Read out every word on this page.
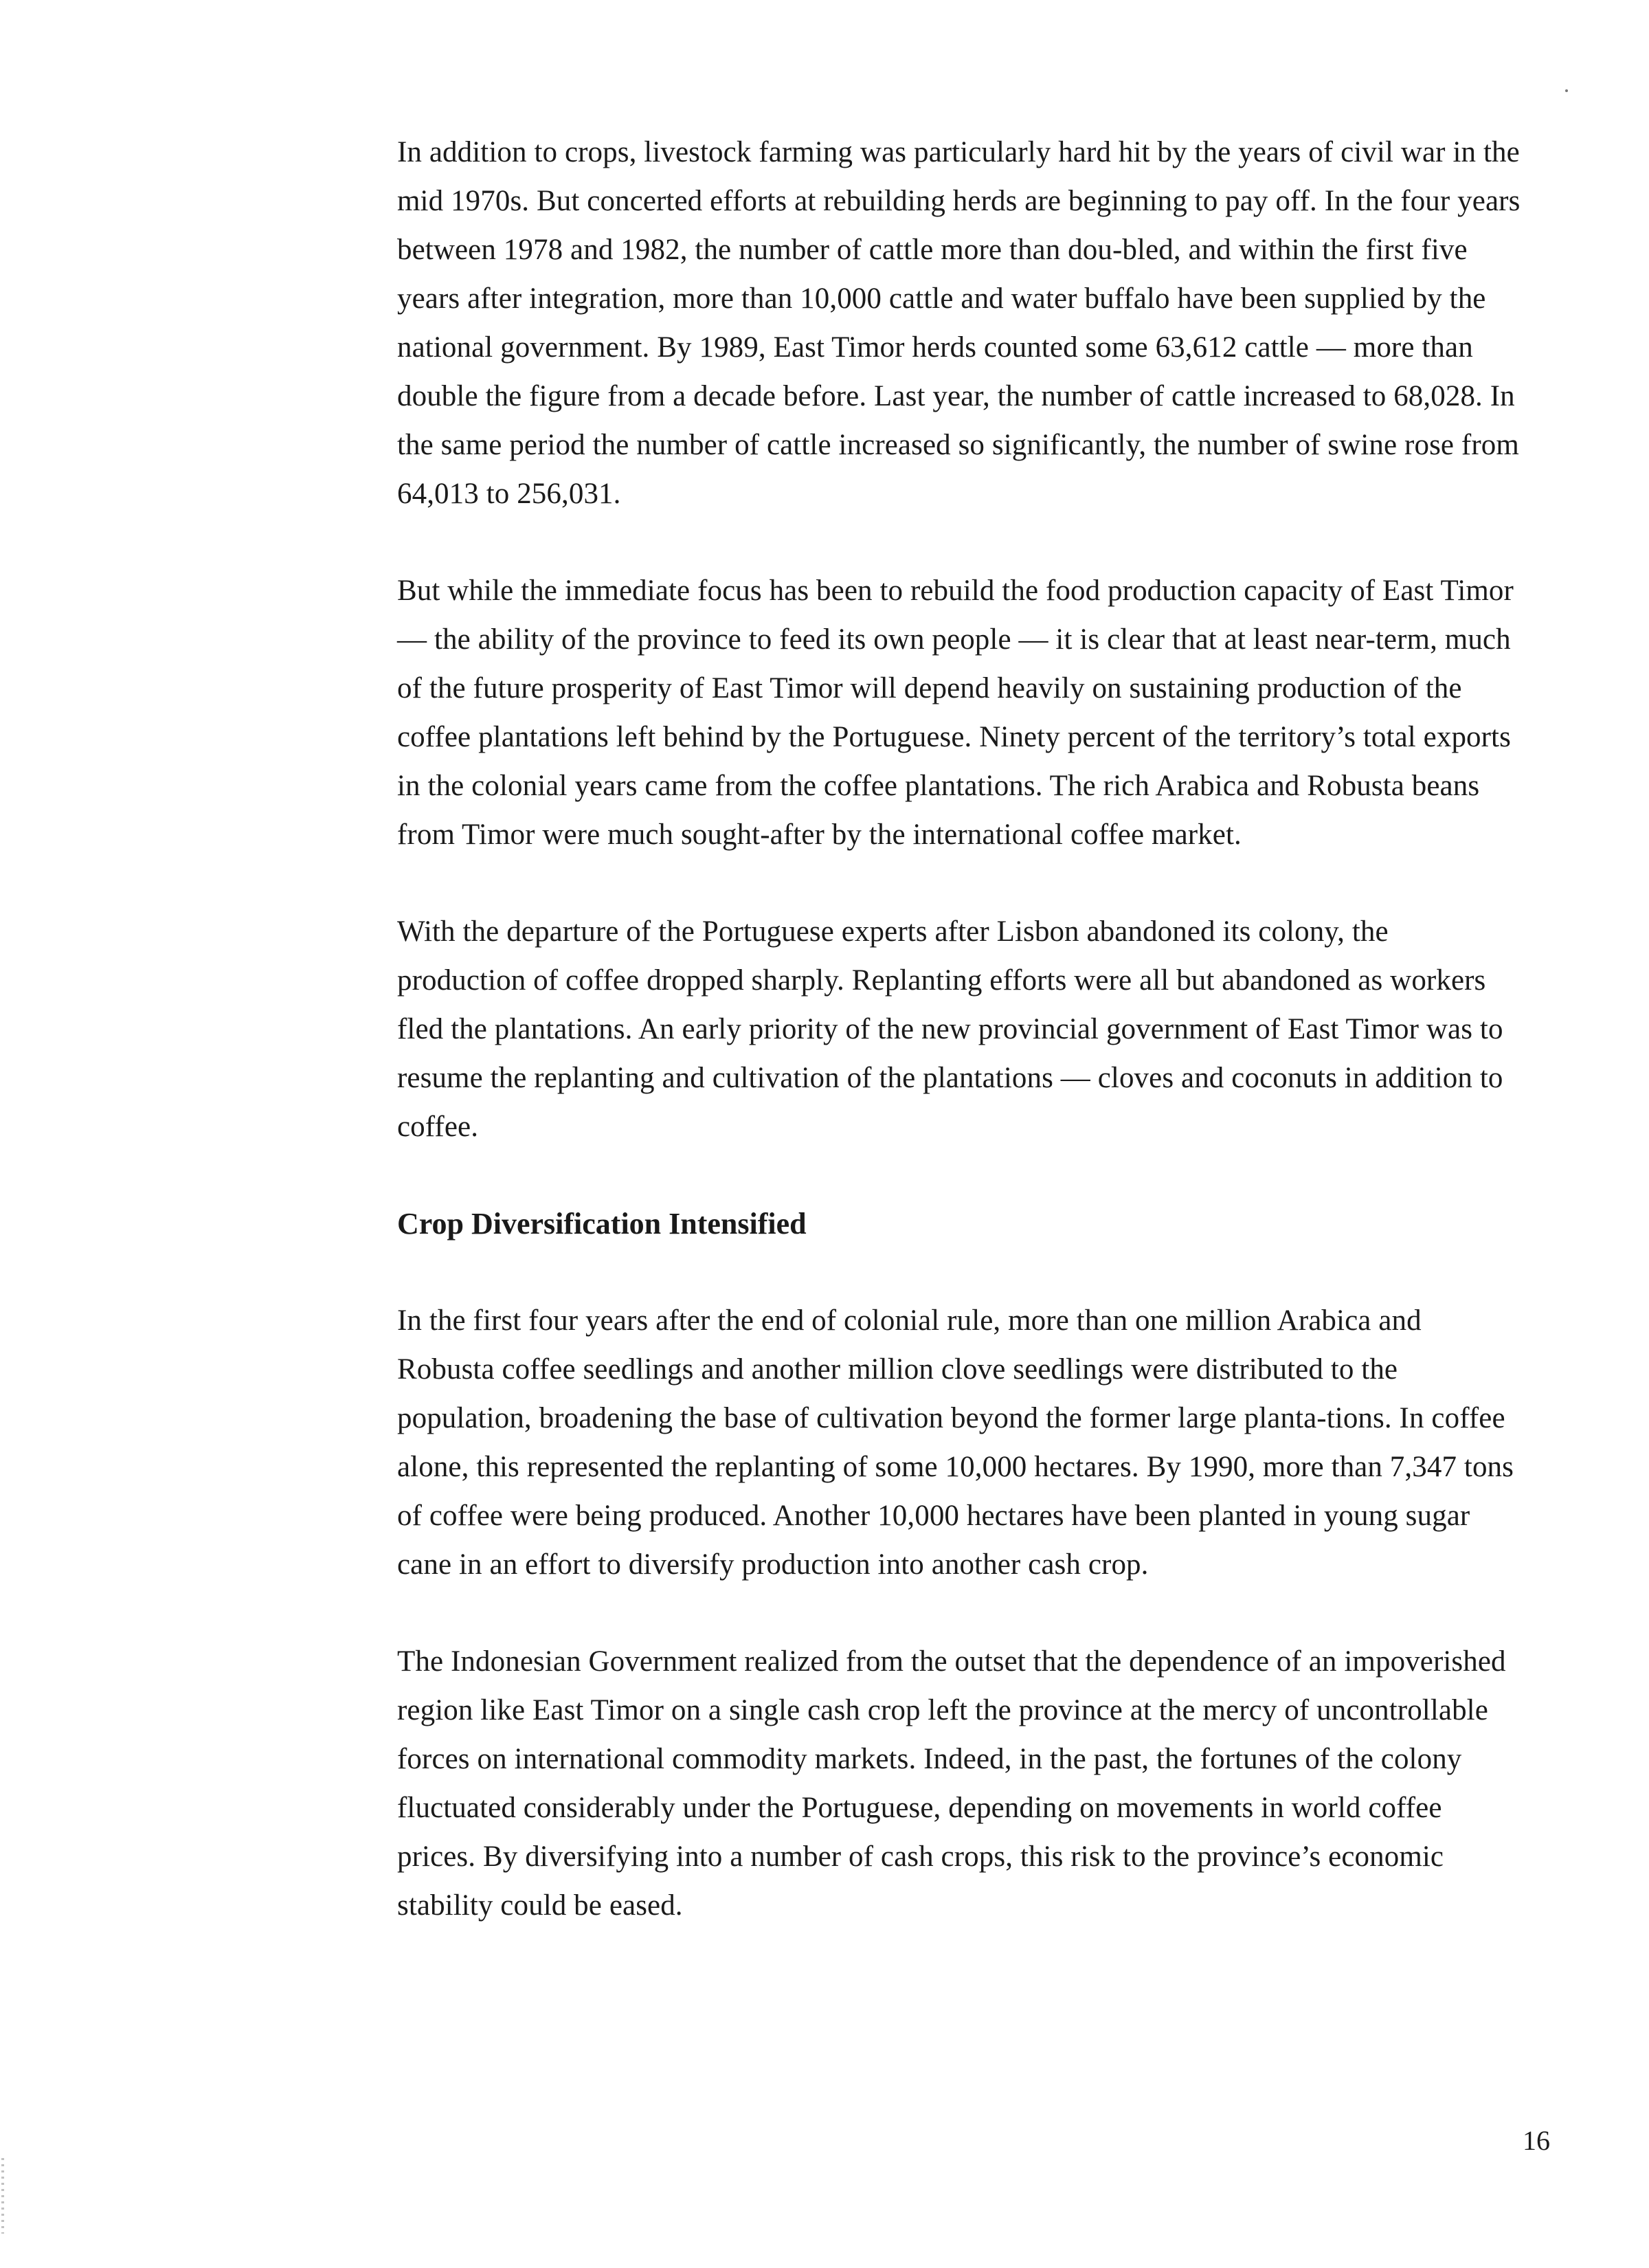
In addition to crops, livestock farming was particularly hard hit by the years of civil war in the mid 1970s. But concerted efforts at rebuilding herds are beginning to pay off. In the four years between 1978 and 1982, the number of cattle more than dou-bled, and within the first five years after integration, more than 10,000 cattle and water buffalo have been supplied by the national government. By 1989, East Timor herds counted some 63,612 cattle — more than double the figure from a decade before. Last year, the number of cattle increased to 68,028. In the same period the number of cattle increased so significantly, the number of swine rose from 64,013 to 256,031.

But while the immediate focus has been to rebuild the food production capacity of East Timor — the ability of the province to feed its own people — it is clear that at least near-term, much of the future prosperity of East Timor will depend heavily on sustaining production of the coffee plantations left behind by the Portuguese. Ninety percent of the territory’s total exports in the colonial years came from the coffee plantations. The rich Arabica and Robusta beans from Timor were much sought-after by the international coffee market.

With the departure of the Portuguese experts after Lisbon abandoned its colony, the production of coffee dropped sharply. Replanting efforts were all but abandoned as workers fled the plantations. An early priority of the new provincial government of East Timor was to resume the replanting and cultivation of the plantations — cloves and coconuts in addition to coffee.

Crop Diversification Intensified

In the first four years after the end of colonial rule, more than one million Arabica and Robusta coffee seedlings and another million clove seedlings were distributed to the population, broadening the base of cultivation beyond the former large planta-tions. In coffee alone, this represented the replanting of some 10,000 hectares. By 1990, more than 7,347 tons of coffee were being produced. Another 10,000 hectares have been planted in young sugar cane in an effort to diversify production into another cash crop.

The Indonesian Government realized from the outset that the dependence of an impoverished region like East Timor on a single cash crop left the province at the mercy of uncontrollable forces on international commodity markets. Indeed, in the past, the fortunes of the colony fluctuated considerably under the Portuguese, depending on movements in world coffee prices. By diversifying into a number of cash crops, this risk to the province’s economic stability could be eased.

16
